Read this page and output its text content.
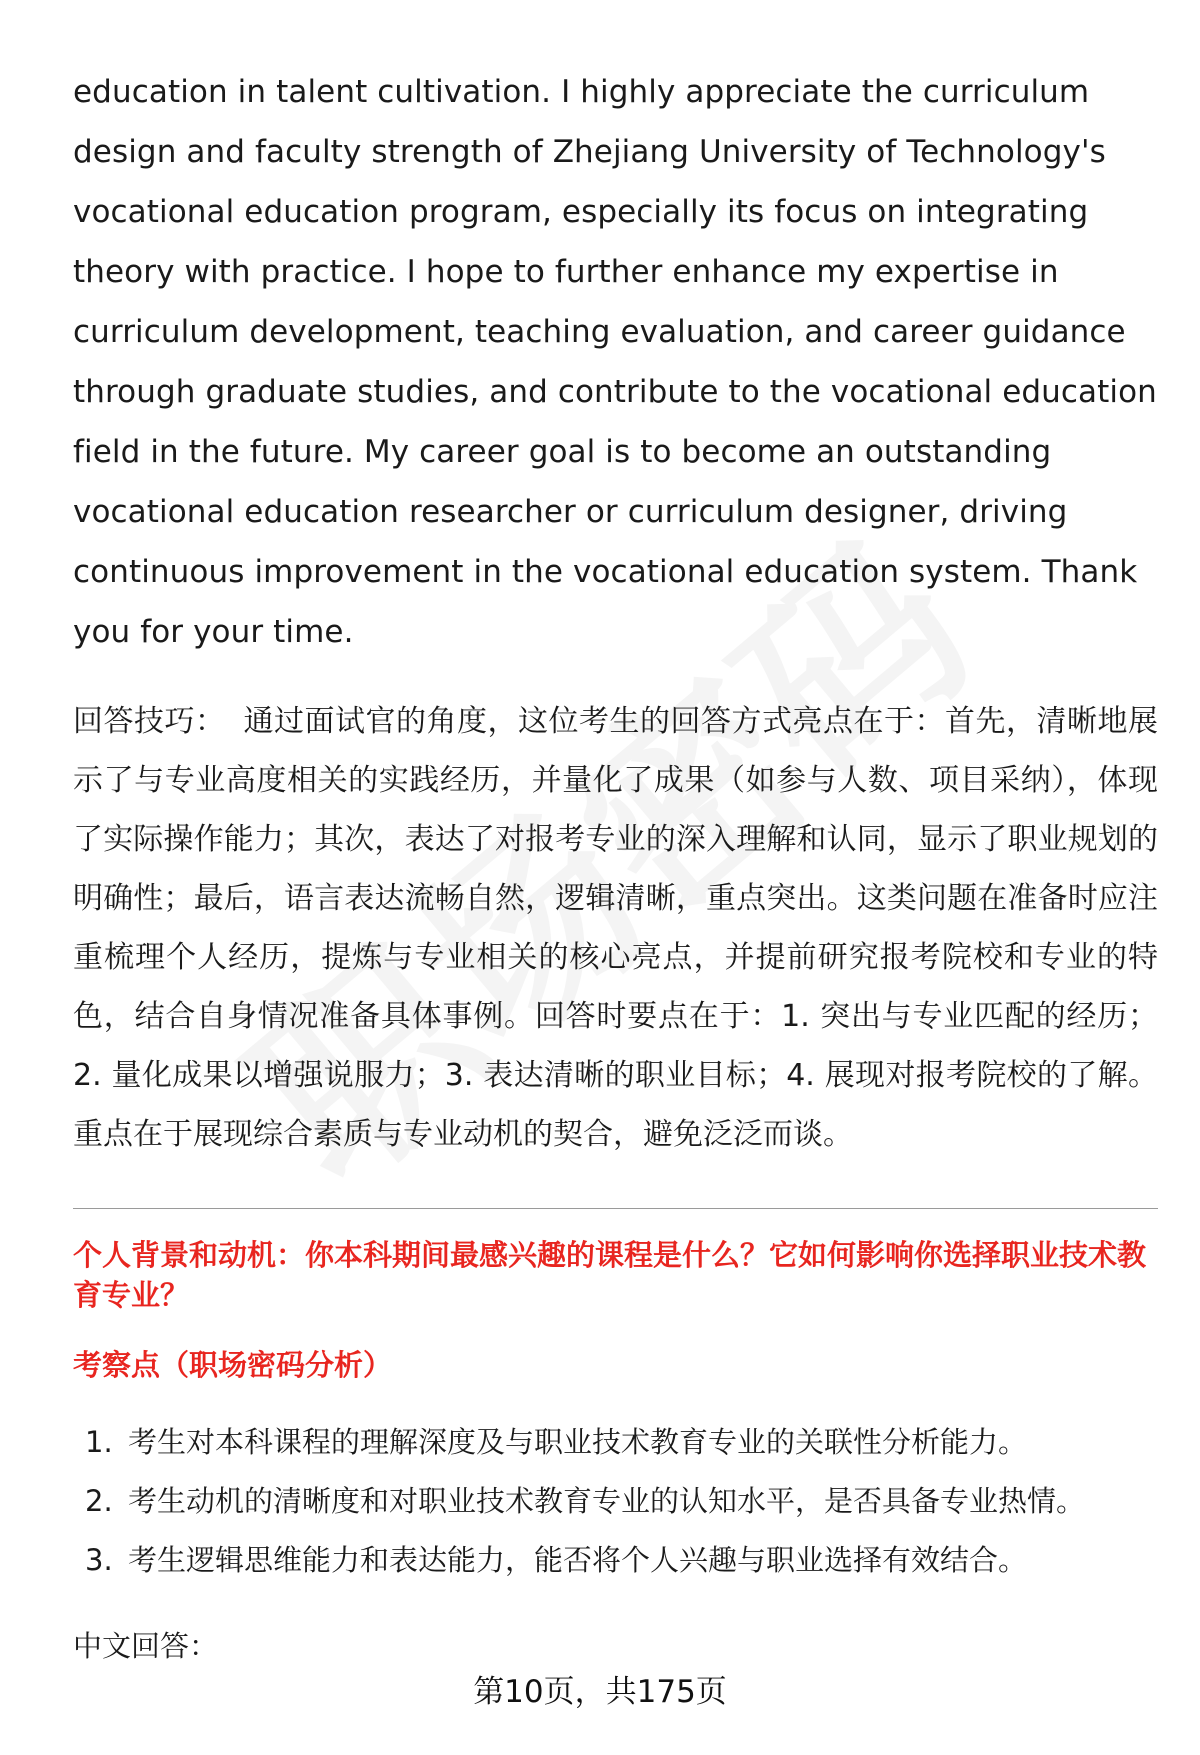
education in talent cultivation. I highly appreciate the curriculum design and faculty strength of Zhejiang University of Technology's vocational education program, especially its focus on integrating theory with practice. I hope to further enhance my expertise in curriculum development, teaching evaluation, and career guidance through graduate studies, and contribute to the vocational education field in the future. My career goal is to become an outstanding vocational education researcher or curriculum designer, driving continuous improvement in the vocational education system. Thank you for your time.

回答技巧： 通过面试官的角度，这位考生的回答方式亮点在于：首先，清晰地展示了与专业高度相关的实践经历，并量化了成果（如参与人数、项目采纳），体现了实际操作能力；其次，表达了对报考专业的深入理解和认同，显示了职业规划的明确性；最后，语言表达流畅自然，逻辑清晰，重点突出。这类问题在准备时应注重梳理个人经历，提炼与专业相关的核心亮点，并提前研究报考院校和专业的特色，结合自身情况准备具体事例。回答时要点在于：1. 突出与专业匹配的经历；2. 量化成果以增强说服力；3. 表达清晰的职业目标；4. 展现对报考院校的了解。重点在于展现综合素质与专业动机的契合，避免泛泛而谈。

个人背景和动机：你本科期间最感兴趣的课程是什么？它如何影响你选择职业技术教育专业？
考察点（职场密码分析）
1. 考生对本科课程的理解深度及与职业技术教育专业的关联性分析能力。
2. 考生动机的清晰度和对职业技术教育专业的认知水平，是否具备专业热情。
3. 考生逻辑思维能力和表达能力，能否将个人兴趣与职业选择有效结合。
中文回答：
第10页，共175页
